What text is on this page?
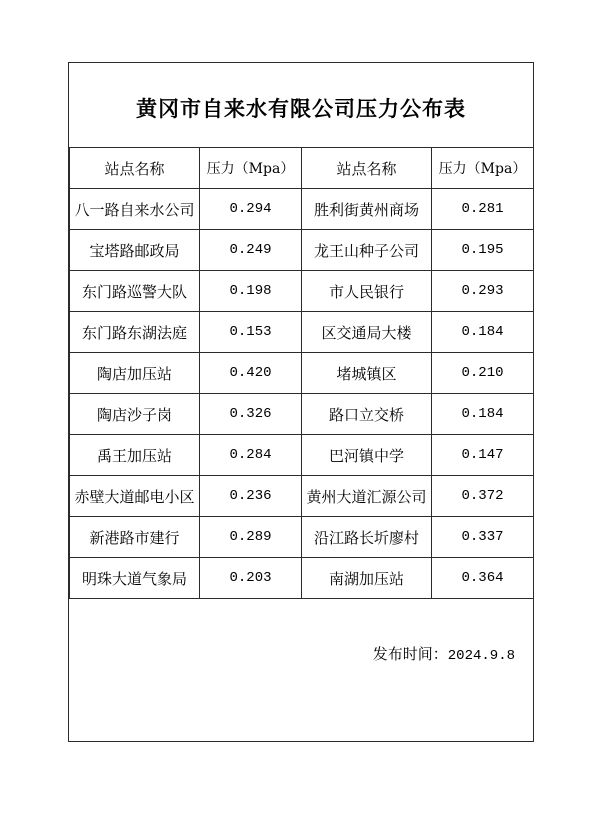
黄冈市自来水有限公司压力公布表
站点名称	压力（Mpa）	站点名称	压力（Mpa）
八一路自来水公司	0.294	胜利街黄州商场	0.281
宝塔路邮政局	0.249	龙王山种子公司	0.195
东门路巡警大队	0.198	市人民银行	0.293
东门路东湖法庭	0.153	区交通局大楼	0.184
陶店加压站	0.420	堵城镇区	0.210
陶店沙子岗	0.326	路口立交桥	0.184
禹王加压站	0.284	巴河镇中学	0.147
赤壁大道邮电小区	0.236	黄州大道汇源公司	0.372
新港路市建行	0.289	沿江路长圻廖村	0.337
明珠大道气象局	0.203	南湖加压站	0.364
发布时间：2024.9.8
